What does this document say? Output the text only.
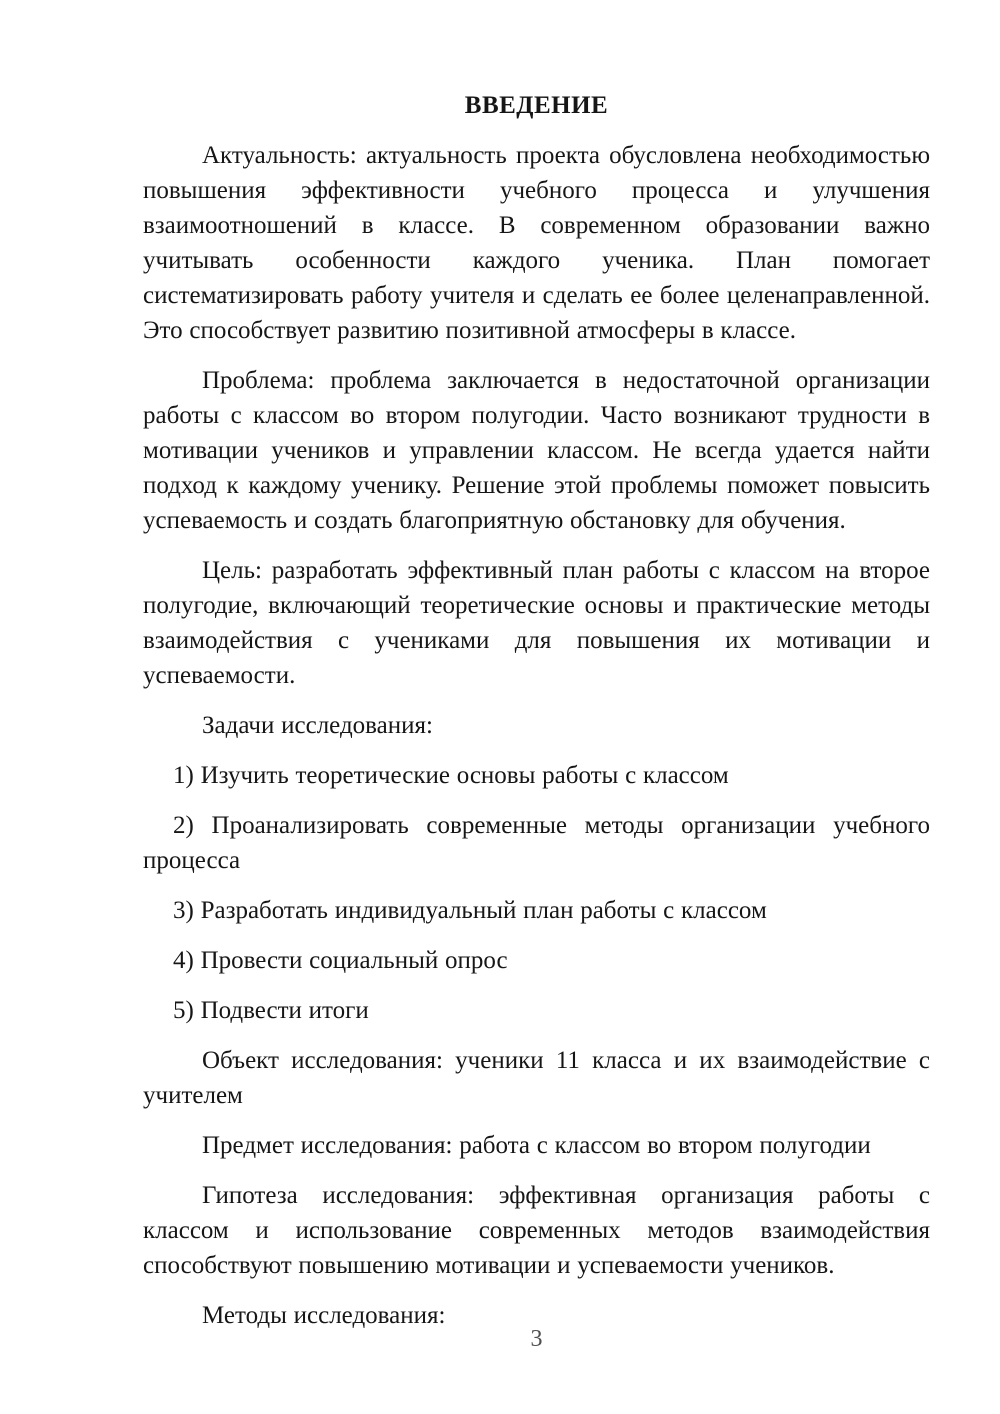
ВВЕДЕНИЕ

Актуальность: актуальность проекта обусловлена необходимостью повышения эффективности учебного процесса и улучшения взаимоотношений в классе. В современном образовании важно учитывать особенности каждого ученика. План помогает систематизировать работу учителя и сделать ее более целенаправленной. Это способствует развитию позитивной атмосферы в классе.

Проблема: проблема заключается в недостаточной организации работы с классом во втором полугодии. Часто возникают трудности в мотивации учеников и управлении классом. Не всегда удается найти подход к каждому ученику. Решение этой проблемы поможет повысить успеваемость и создать благоприятную обстановку для обучения.

Цель: разработать эффективный план работы с классом на второе полугодие, включающий теоретические основы и практические методы взаимодействия с учениками для повышения их мотивации и успеваемости.

Задачи исследования:

1) Изучить теоретические основы работы с классом

2) Проанализировать современные методы организации учебного процесса

3) Разработать индивидуальный план работы с классом

4) Провести социальный опрос

5) Подвести итоги

Объект исследования: ученики 11 класса и их взаимодействие с учителем

Предмет исследования: работа с классом во втором полугодии

Гипотеза исследования: эффективная организация работы с классом и использование современных методов взаимодействия способствуют повышению мотивации и успеваемости учеников.

Методы исследования:

3
